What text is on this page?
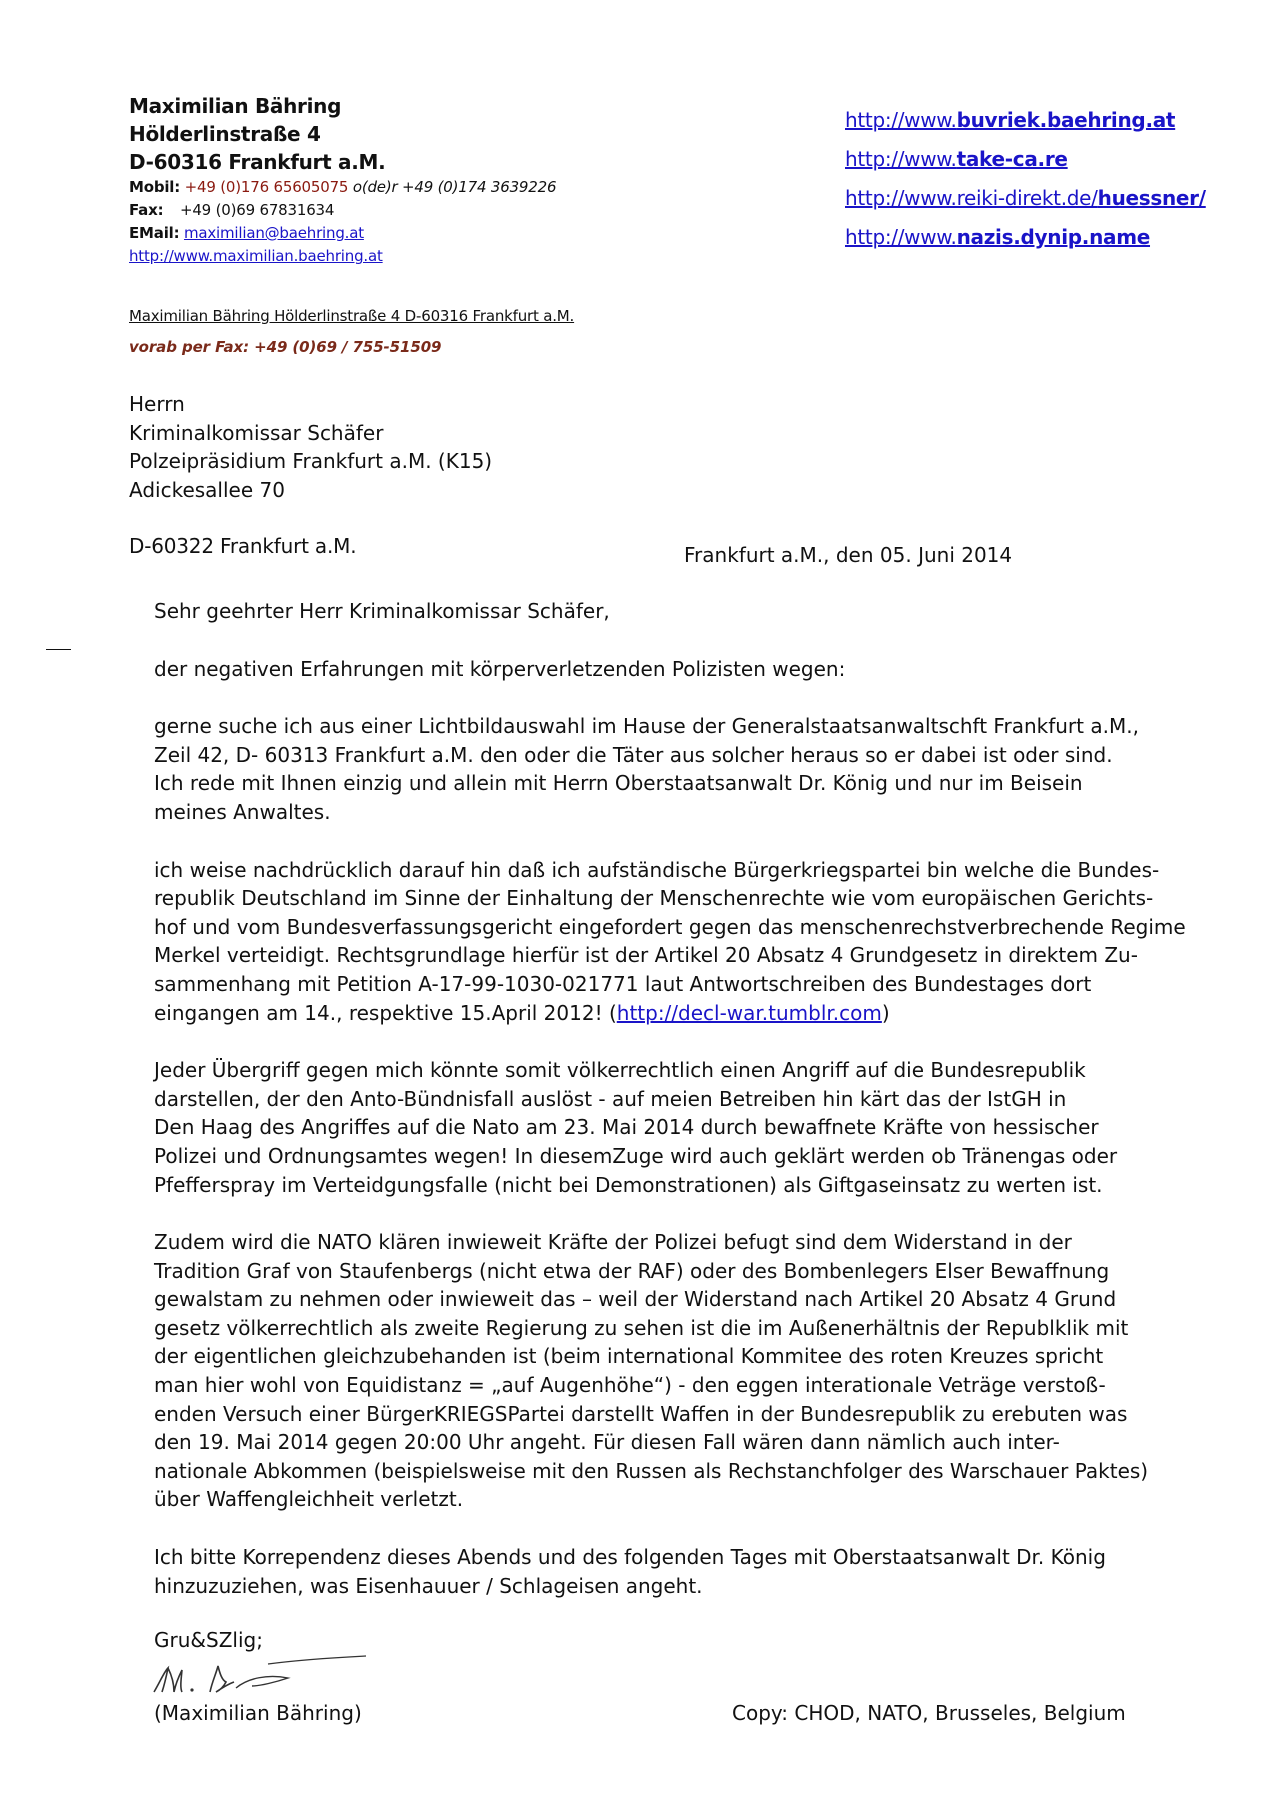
Maximilian Bähring
Hölderlinstraße 4
D-60316 Frankfurt a.M.
Mobil: +49 (0)176 65605075 o(de)r +49 (0)174 3639226
Fax: +49 (0)69 67831634
EMail: maximilian@baehring.at
http://www.maximilian.baehring.at
http://www.buvriek.baehring.at
http://www.take-ca.re
http://www.reiki-direkt.de/huessner/
http://www.nazis.dynip.name
Maximilian Bähring Hölderlinstraße 4 D-60316 Frankfurt a.M.
vorab per Fax: +49 (0)69 / 755-51509
Herrn
Kriminalkomissar Schäfer
Polzeipräsidium Frankfurt a.M. (K15)
Adickesallee 70
D-60322 Frankfurt a.M.	Frankfurt a.M., den 05. Juni 2014
Sehr geehrter Herr Kriminalkomissar Schäfer,
der negativen Erfahrungen mit körperverletzenden Polizisten wegen:
gerne suche ich aus einer Lichtbildauswahl im Hause der Generalstaatsanwaltschft Frankfurt a.M.,
Zeil 42, D- 60313 Frankfurt a.M. den oder die Täter aus solcher heraus so er dabei ist oder sind.
Ich rede mit Ihnen einzig und allein mit Herrn Oberstaatsanwalt Dr. König und nur im Beisein
meines Anwaltes.
ich weise nachdrücklich darauf hin daß ich aufständische Bürgerkriegspartei bin welche die Bundes-
republik Deutschland im Sinne der Einhaltung der Menschenrechte wie vom europäischen Gerichts-
hof und vom Bundesverfassungsgericht eingefordert gegen das menschenrechstverbrechende Regime
Merkel verteidigt. Rechtsgrundlage hierfür ist der Artikel 20 Absatz 4 Grundgesetz in direktem Zu-
sammenhang mit Petition A-17-99-1030-021771 laut Antwortschreiben des Bundestages dort
eingangen am 14., respektive 15.April 2012! (http://decl-war.tumblr.com)
Jeder Übergriff gegen mich könnte somit völkerrechtlich einen Angriff auf die Bundesrepublik
darstellen, der den Anto-Bündnisfall auslöst - auf meien Betreiben hin kärt das der IstGH in
Den Haag des Angriffes auf die Nato am 23. Mai 2014 durch bewaffnete Kräfte von hessischer
Polizei und Ordnungsamtes wegen! In diesemZuge wird auch geklärt werden ob Tränengas oder
Pfefferspray im Verteidgungsfalle (nicht bei Demonstrationen) als Giftgaseinsatz zu werten ist.
Zudem wird die NATO klären inwieweit Kräfte der Polizei befugt sind dem Widerstand in der
Tradition Graf von Staufenbergs (nicht etwa der RAF) oder des Bombenlegers Elser Bewaffnung
gewalstam zu nehmen oder inwieweit das – weil der Widerstand nach Artikel 20 Absatz 4 Grund
gesetz völkerrechtlich als zweite Regierung zu sehen ist die im Außenerhältnis der Republklik mit
der eigentlichen gleichzubehanden ist (beim international Kommitee des roten Kreuzes spricht
man hier wohl von Equidistanz = „auf Augenhöhe“) - den eggen interationale Veträge verstoß-
enden Versuch einer BürgerKRIEGSPartei darstellt Waffen in der Bundesrepublik zu erebuten was
den 19. Mai 2014 gegen 20:00 Uhr angeht. Für diesen Fall wären dann nämlich auch inter-
nationale Abkommen (beispielsweise mit den Russen als Rechstanchfolger des Warschauer Paktes)
über Waffengleichheit verletzt.
Ich bitte Korrependenz dieses Abends und des folgenden Tages mit Oberstaatsanwalt Dr. König
hinzuzuziehen, was Eisenhauuer / Schlageisen angeht.
Gru&SZlig;
(Maximilian Bähring)	Copy: CHOD, NATO, Brusseles, Belgium
